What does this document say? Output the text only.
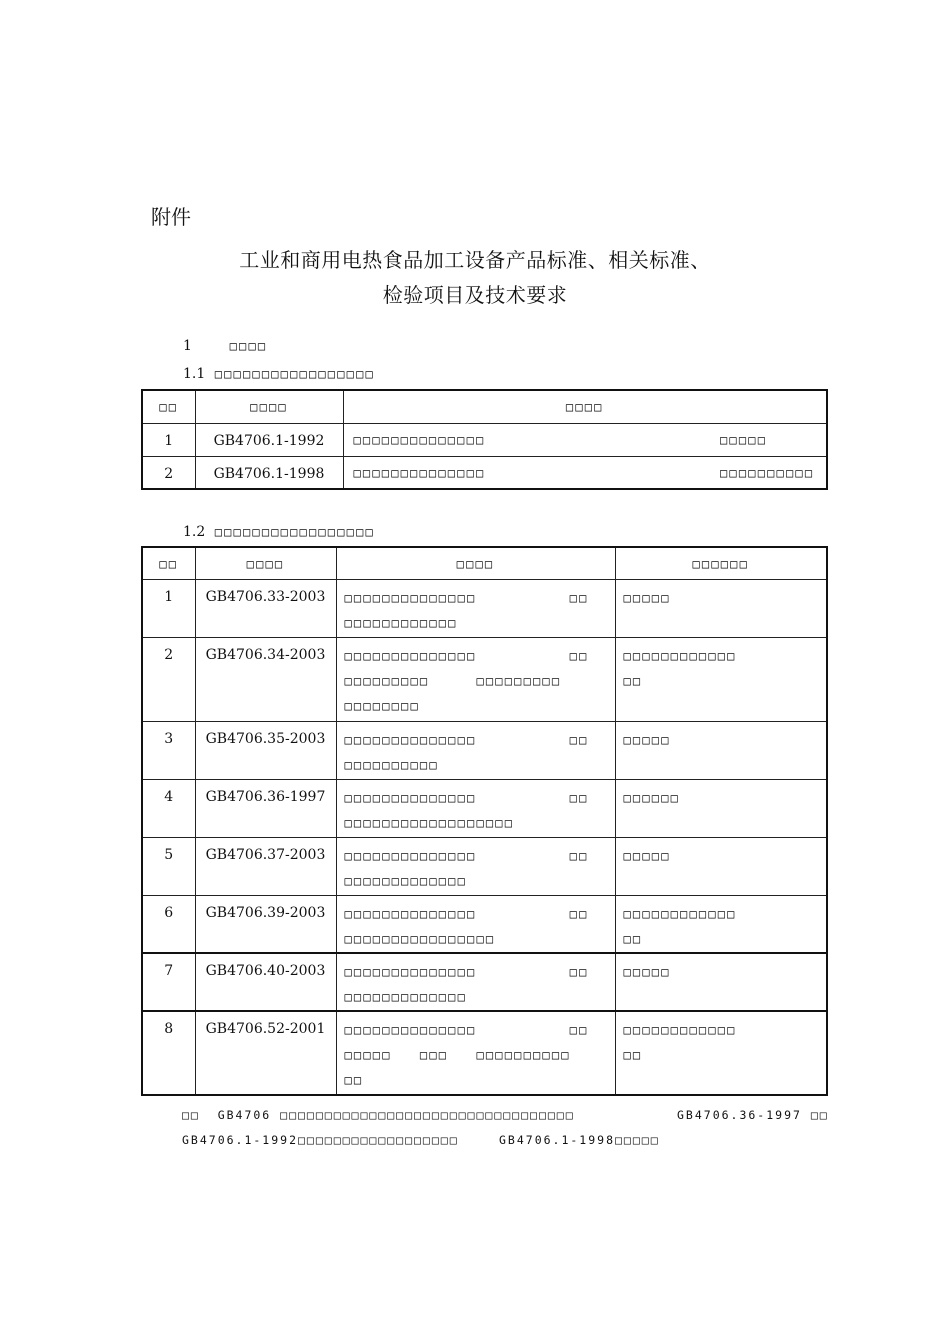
附件
工业和商用电热食品加工设备产品标准、相关标准、
检验项目及技术要求
1	□□□□
1.1 □□□□□□□□□□□□□□□□□
□□	□□□□	□□□□
1	GB4706.1-1992	□□□□□□□□□□□□□□ □□□□□

2	GB4706.1-1998	□□□□□□□□□□□□□□ □□□□□□□□□□
1.2 □□□□□□□□□□□□□□□□□
□□	□□□□	□□□□	□□□□□□
1	GB4706.33-2003	□□□□□□□□□□□□□□ □□
□□□□□□□□□□□□	□□□□□

2	GB4706.34-2003	□□□□□□□□□□□□□□ □□
□□□□□□□□□     □□□□□□□□□
□□□□□□□□	□□□□□□□□□□□□
□□

3	GB4706.35-2003	□□□□□□□□□□□□□□ □□
□□□□□□□□□□	□□□□□

4	GB4706.36-1997	□□□□□□□□□□□□□□ □□
□□□□□□□□□□□□□□□□□□	□□□□□□

5	GB4706.37-2003	□□□□□□□□□□□□□□ □□
□□□□□□□□□□□□□	□□□□□

6	GB4706.39-2003	□□□□□□□□□□□□□□ □□
□□□□□□□□□□□□□□□□	□□□□□□□□□□□□
□□

7	GB4706.40-2003	□□□□□□□□□□□□□□ □□
□□□□□□□□□□□□□	□□□□□

8	GB4706.52-2001	□□□□□□□□□□□□□□ □□
□□□□□   □□□   □□□□□□□□□□
□□	□□□□□□□□□□□□
□□
□□  GB4706 □□□□□□□□□□□□□□□□□□□□□□□□□□□□□□□□□	GB4706.36-1997 □□
GB4706.1-1992□□□□□□□□□□□□□□□□□□	GB4706.1-1998□□□□□
